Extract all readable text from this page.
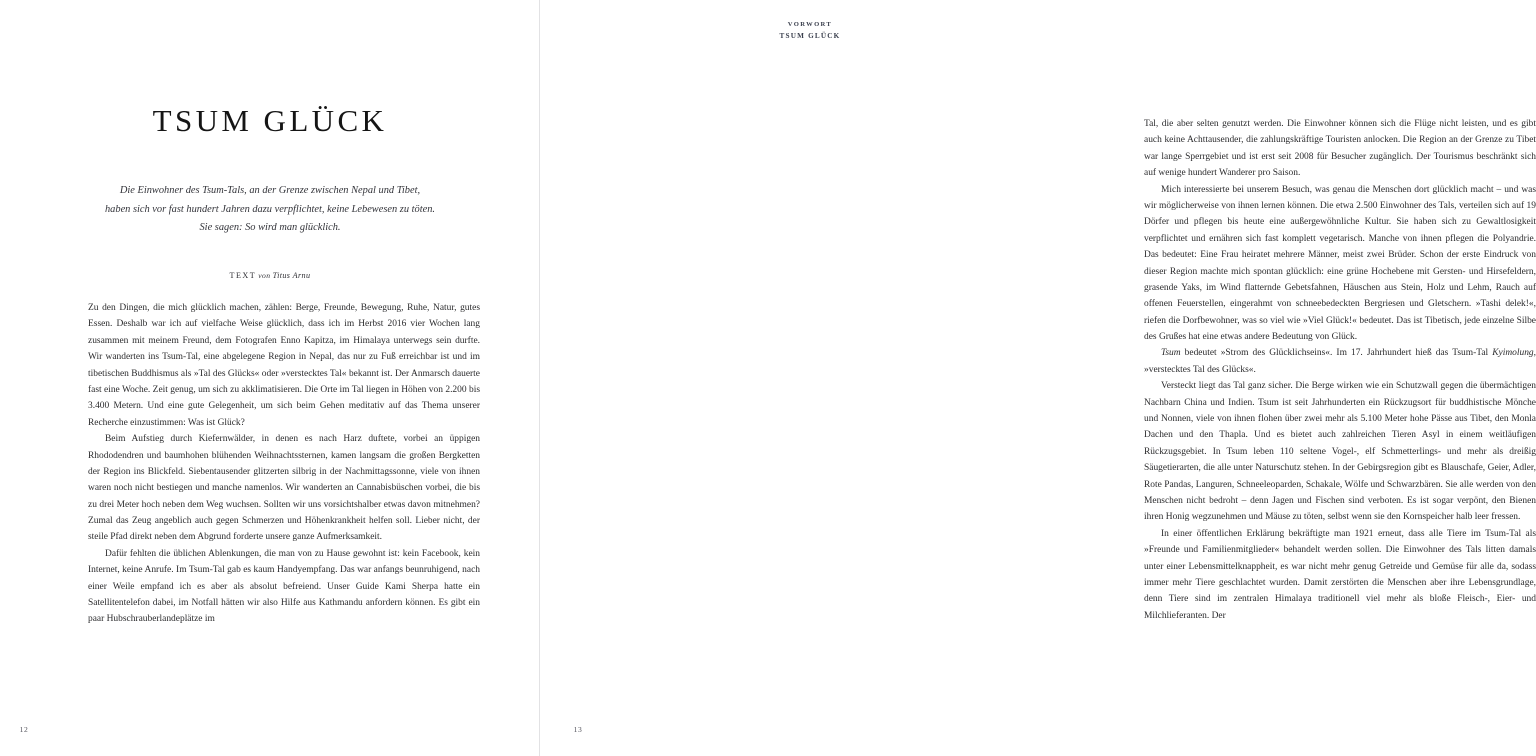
TSUM GLÜCK
Die Einwohner des Tsum-Tals, an der Grenze zwischen Nepal und Tibet,
haben sich vor fast hundert Jahren dazu verpflichtet, keine Lebewesen zu töten.
Sie sagen: So wird man glücklich.
TEXT von Titus Arnu

Zu den Dingen, die mich glücklich machen, zählen: Berge, Freunde, Bewegung, Ruhe, Natur, gutes Essen. Deshalb war ich auf vielfache Weise glücklich, dass ich im Herbst 2016 vier Wochen lang zusammen mit meinem Freund, dem Fotografen Enno Kapitza, im Himalaya unterwegs sein durfte. Wir wanderten ins Tsum-Tal, eine abgelegene Region in Nepal, das nur zu Fuß erreichbar ist und im tibetischen Buddhismus als »Tal des Glücks« oder »verstecktes Tal« bekannt ist. Der Anmarsch dauerte fast eine Woche. Zeit genug, um sich zu akklimatisieren. Die Orte im Tal liegen in Höhen von 2.200 bis 3.400 Metern. Und eine gute Gelegenheit, um sich beim Gehen meditativ auf das Thema unserer Recherche einzustimmen: Was ist Glück?

Beim Aufstieg durch Kiefernwälder, in denen es nach Harz duftete, vorbei an üppigen Rhododendren und baumhohen blühenden Weihnachtssternen, kamen langsam die großen Bergketten der Region ins Blickfeld. Siebentausender glitzerten silbrig in der Nachmittagssonne, viele von ihnen waren noch nicht bestiegen und manche namenlos. Wir wanderten an Cannabisbüschen vorbei, die bis zu drei Meter hoch neben dem Weg wuchsen. Sollten wir uns vorsichtshalber etwas davon mitnehmen? Zumal das Zeug angeblich auch gegen Schmerzen und Höhenkrankheit helfen soll. Lieber nicht, der steile Pfad direkt neben dem Abgrund forderte unsere ganze Aufmerksamkeit.

Dafür fehlten die üblichen Ablenkungen, die man von zu Hause gewohnt ist: kein Facebook, kein Internet, keine Anrufe. Im Tsum-Tal gab es kaum Handyempfang. Das war anfangs beunruhigend, nach einer Weile empfand ich es aber als absolut befreiend. Unser Guide Kami Sherpa hatte ein Satellitentelefon dabei, im Notfall hätten wir also Hilfe aus Kathmandu anfordern können. Es gibt ein paar Hubschrauberlandeplätze im

12
VORWORT
TSUM GLÜCK

Tal, die aber selten genutzt werden. Die Einwohner können sich die Flüge nicht leisten, und es gibt auch keine Achttausender, die zahlungskräftige Touristen anlocken. Die Region an der Grenze zu Tibet war lange Sperrgebiet und ist erst seit 2008 für Besucher zugänglich. Der Tourismus beschränkt sich auf wenige hundert Wanderer pro Saison.

Mich interessierte bei unserem Besuch, was genau die Menschen dort glücklich macht – und was wir möglicherweise von ihnen lernen können. Die etwa 2.500 Einwohner des Tals, verteilen sich auf 19 Dörfer und pflegen bis heute eine außergewöhnliche Kultur. Sie haben sich zu Gewaltlosigkeit verpflichtet und ernähren sich fast komplett vegetarisch. Manche von ihnen pflegen die Polyandrie. Das bedeutet: Eine Frau heiratet mehrere Männer, meist zwei Brüder. Schon der erste Eindruck von dieser Region machte mich spontan glücklich: eine grüne Hochebene mit Gersten- und Hirsefeldern, grasende Yaks, im Wind flatternde Gebetsfahnen, Häuschen aus Stein, Holz und Lehm, Rauch auf offenen Feuerstellen, eingerahmt von schneebedeckten Bergriesen und Gletschern. »Tashi delek!«, riefen die Dorfbewohner, was so viel wie »Viel Glück!« bedeutet. Das ist Tibetisch, jede einzelne Silbe des Grußes hat eine etwas andere Bedeutung von Glück.

Tsum bedeutet »Strom des Glücklichseins«. Im 17. Jahrhundert hieß das Tsum-Tal Kyimolung, »verstecktes Tal des Glücks«.

Versteckt liegt das Tal ganz sicher. Die Berge wirken wie ein Schutzwall gegen die übermächtigen Nachbarn China und Indien. Tsum ist seit Jahrhunderten ein Rückzugsort für buddhistische Mönche und Nonnen, viele von ihnen flohen über zwei mehr als 5.100 Meter hohe Pässe aus Tibet, den Monla Dachen und den Thapla. Und es bietet auch zahlreichen Tieren Asyl in einem weitläufigen Rückzugsgebiet. In Tsum leben 110 seltene Vogel-, elf Schmetterlings- und mehr als dreißig Säugetierarten, die alle unter Naturschutz stehen. In der Gebirgsregion gibt es Blauschafe, Geier, Adler, Rote Pandas, Languren, Schneeleoparden, Schakale, Wölfe und Schwarzbären. Sie alle werden von den Menschen nicht bedroht – denn Jagen und Fischen sind verboten. Es ist sogar verpönt, den Bienen ihren Honig wegzunehmen und Mäuse zu töten, selbst wenn sie den Kornspeicher halb leer fressen.

In einer öffentlichen Erklärung bekräftigte man 1921 erneut, dass alle Tiere im Tsum-Tal als »Freunde und Familienmitglieder« behandelt werden sollen. Die Einwohner des Tals litten damals unter einer Lebensmittelknappheit, es war nicht mehr genug Getreide und Gemüse für alle da, sodass immer mehr Tiere geschlachtet wurden. Damit zerstörten die Menschen aber ihre Lebensgrundlage, denn Tiere sind im zentralen Himalaya traditionell viel mehr als bloße Fleisch-, Eier- und Milchlieferanten. Der

13
